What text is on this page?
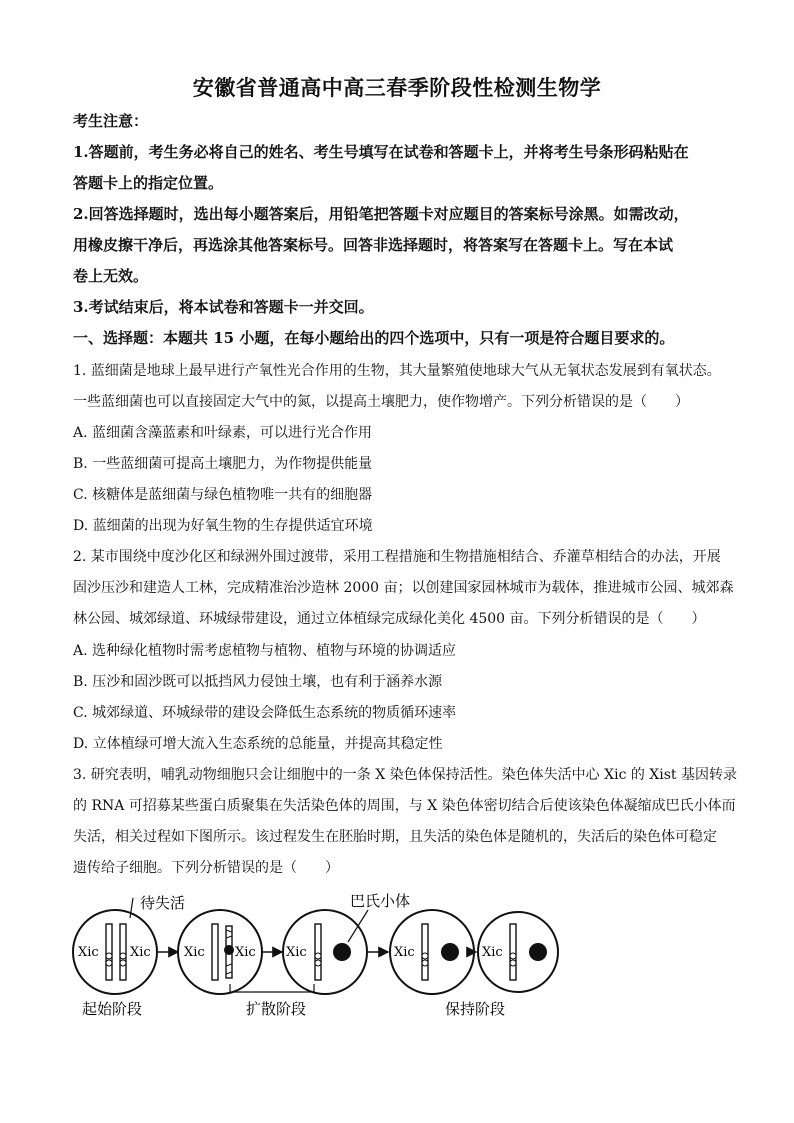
安徽省普通高中高三春季阶段性检测生物学
考生注意：
1.答题前，考生务必将自己的姓名、考生号填写在试卷和答题卡上，并将考生号条形码粘贴在
答题卡上的指定位置。
2.回答选择题时，选出每小题答案后，用铅笔把答题卡对应题目的答案标号涂黑。如需改动，
用橡皮擦干净后，再选涂其他答案标号。回答非选择题时，将答案写在答题卡上。写在本试
卷上无效。
3.考试结束后，将本试卷和答题卡一并交回。
一、选择题：本题共 15 小题，在每小题给出的四个选项中，只有一项是符合题目要求的。
1. 蓝细菌是地球上最早进行产氧性光合作用的生物，其大量繁殖使地球大气从无氧状态发展到有氧状态。
一些蓝细菌也可以直接固定大气中的氮，以提高土壤肥力，使作物增产。下列分析错误的是（　　）
A. 蓝细菌含藻蓝素和叶绿素，可以进行光合作用
B. 一些蓝细菌可提高土壤肥力，为作物提供能量
C. 核糖体是蓝细菌与绿色植物唯一共有的细胞器
D. 蓝细菌的出现为好氧生物的生存提供适宜环境
2. 某市围绕中度沙化区和绿洲外围过渡带，采用工程措施和生物措施相结合、乔灌草相结合的办法，开展
固沙压沙和建造人工林，完成精准治沙造林 2000 亩；以创建国家园林城市为载体，推进城市公园、城郊森
林公园、城郊绿道、环城绿带建设，通过立体植绿完成绿化美化 4500 亩。下列分析错误的是（　　）
A. 选种绿化植物时需考虑植物与植物、植物与环境的协调适应
B. 压沙和固沙既可以抵挡风力侵蚀土壤，也有利于涵养水源
C. 城郊绿道、环城绿带的建设会降低生态系统的物质循环速率
D. 立体植绿可增大流入生态系统的总能量，并提高其稳定性
3. 研究表明，哺乳动物细胞只会让细胞中的一条 X 染色体保持活性。染色体失活中心 Xic 的 Xist 基因转录
的 RNA 可招募某些蛋白质聚集在失活染色体的周围，与 X 染色体密切结合后使该染色体凝缩成巴氏小体而
失活，相关过程如下图所示。该过程发生在胚胎时期，且失活的染色体是随机的，失活后的染色体可稳定
遗传给子细胞。下列分析错误的是（　　）
待失活	巴氏小体
Xic Xic	Xic Xic Xic	Xic	Xic
起始阶段	扩散阶段	保持阶段
